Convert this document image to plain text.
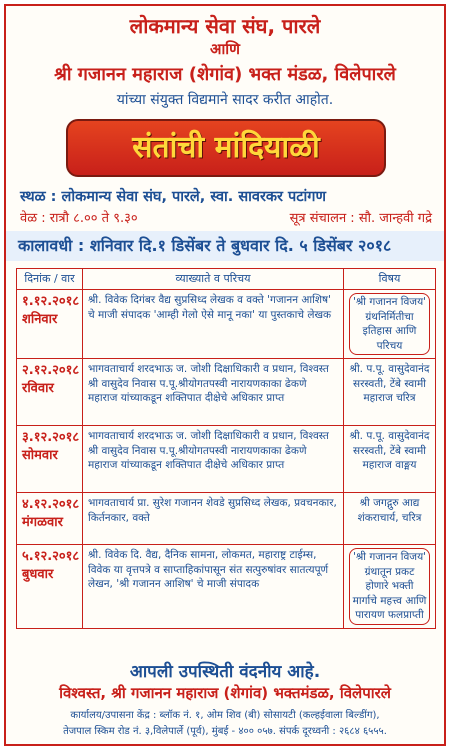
लोकमान्य सेवा संघ, पारले
आणि
श्री गजानन महाराज (शेगांव) भक्त मंडळ, विलेपारले
यांच्या संयुक्त विद्यमाने सादर करीत आहोत.
संतांची मांदियाळी
स्थळ : लोकमान्य सेवा संघ, पारले, स्वा. सावरकर पटांगण
वेळ : रात्रौ ८.०० ते ९.३०	सूत्र संचालन : सौ. जान्हवी गद्रे
कालावधी : शनिवार दि.१ डिसेंबर ते बुधवार दि. ५ डिसेंबर २०१८
दिनांक / वार	व्याख्याते व परिचय	विषय

१.१२.२०१८
शनिवार	श्री. विवेक दिगंबर वैद्य सुप्रसिध्द लेखक व वक्ते 'गजानन आशिष' चे माजी संपादक 'आम्ही गेलो ऐसे मानू नका' या पुस्तकाचे लेखक	'श्री गजानन विजय' ग्रंथनिर्मितीचा इतिहास आणि परिचय

२.१२.२०१८
रविवार	भागवताचार्य शरदभाऊ ज. जोशी दिक्षाधिकारी व प्रधान, विश्वस्त श्री वासुदेव निवास प.पू.श्रीयोगतपस्वी नारायणकाका ढेकणे महाराज यांच्याकडून शक्तिपात दीक्षेचे अधिकार प्राप्त	श्री. प.पू. वासुदेवानंद सरस्वती, टेंबे स्वामी महाराज चरित्र

३.१२.२०१८
सोमवार	भागवताचार्य शरदभाऊ ज. जोशी दिक्षाधिकारी व प्रधान, विश्वस्त श्री वासुदेव निवास प.पू.श्रीयोगतपस्वी नारायणकाका ढेकणे महाराज यांच्याकडून शक्तिपात दीक्षेचे अधिकार प्राप्त	श्री. प.पू. वासुदेवानंद सरस्वती, टेंबे स्वामी महाराज वाङ्मय

४.१२.२०१८
मंगळवार	भागवताचार्य प्रा. सुरेश गजानन शेवडे सुप्रसिध्द लेखक, प्रवचनकार, किर्तनकार, वक्ते	श्री जगद्गुरु आद्य शंकराचार्य, चरित्र

५.१२.२०१८
बुधवार	श्री. विवेक दि. वैद्य, दैनिक सामना, लोकमत, महाराष्ट्र टाईम्स, विवेक या वृत्तपत्रे व साप्ताहिकांपासून संत सत्पुरुषांवर सातत्यपूर्ण लेखन, 'श्री गजानन आशिष' चे माजी संपादक	'श्री गजानन विजय' ग्रंथातून प्रकट होणारे भक्ती मार्गाचे महत्त्व आणि पारायण फलप्राप्ती
आपली उपस्थिती वंदनीय आहे.
विश्वस्त, श्री गजानन महाराज (शेगांव) भक्तमंडळ, विलेपारले
कार्यालय/उपासना केंद्र : ब्लॉक नं. १, ओम शिव (बी) सोसायटी (कल्हईवाला बिल्डींग),
तेजपाल स्किम रोड नं. ३,विलेपार्ले (पूर्व), मुंबई - ४०० ०५७. संपर्क दूरध्वनी : २६८४ ६५५५.
